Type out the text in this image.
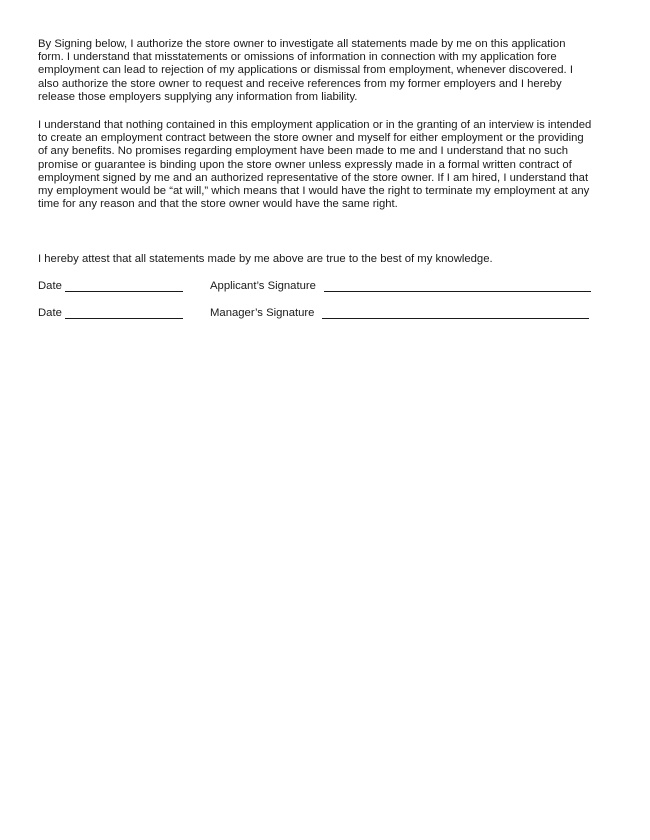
By Signing below, I authorize the store owner to investigate all statements made by me on this application
form. I understand that misstatements or omissions of information in connection with my application fore
employment can lead to rejection of my applications or dismissal from employment, whenever discovered. I
also authorize the store owner to request and receive references from my former employers and I hereby
release those employers supplying any information from liability.

I understand that nothing contained in this employment application or in the granting of an interview is intended
to create an employment contract between the store owner and myself for either employment or the providing
of any benefits. No promises regarding employment have been made to me and I understand that no such
promise or guarantee is binding upon the store owner unless expressly made in a formal written contract of
employment signed by me and an authorized representative of the store owner. If I am hired, I understand that
my employment would be “at will,” which means that I would have the right to terminate my employment at any
time for any reason and that the store owner would have the same right.

I hereby attest that all statements made by me above are true to the best of my knowledge.

Date	Applicant’s Signature
Date	Manager’s Signature
